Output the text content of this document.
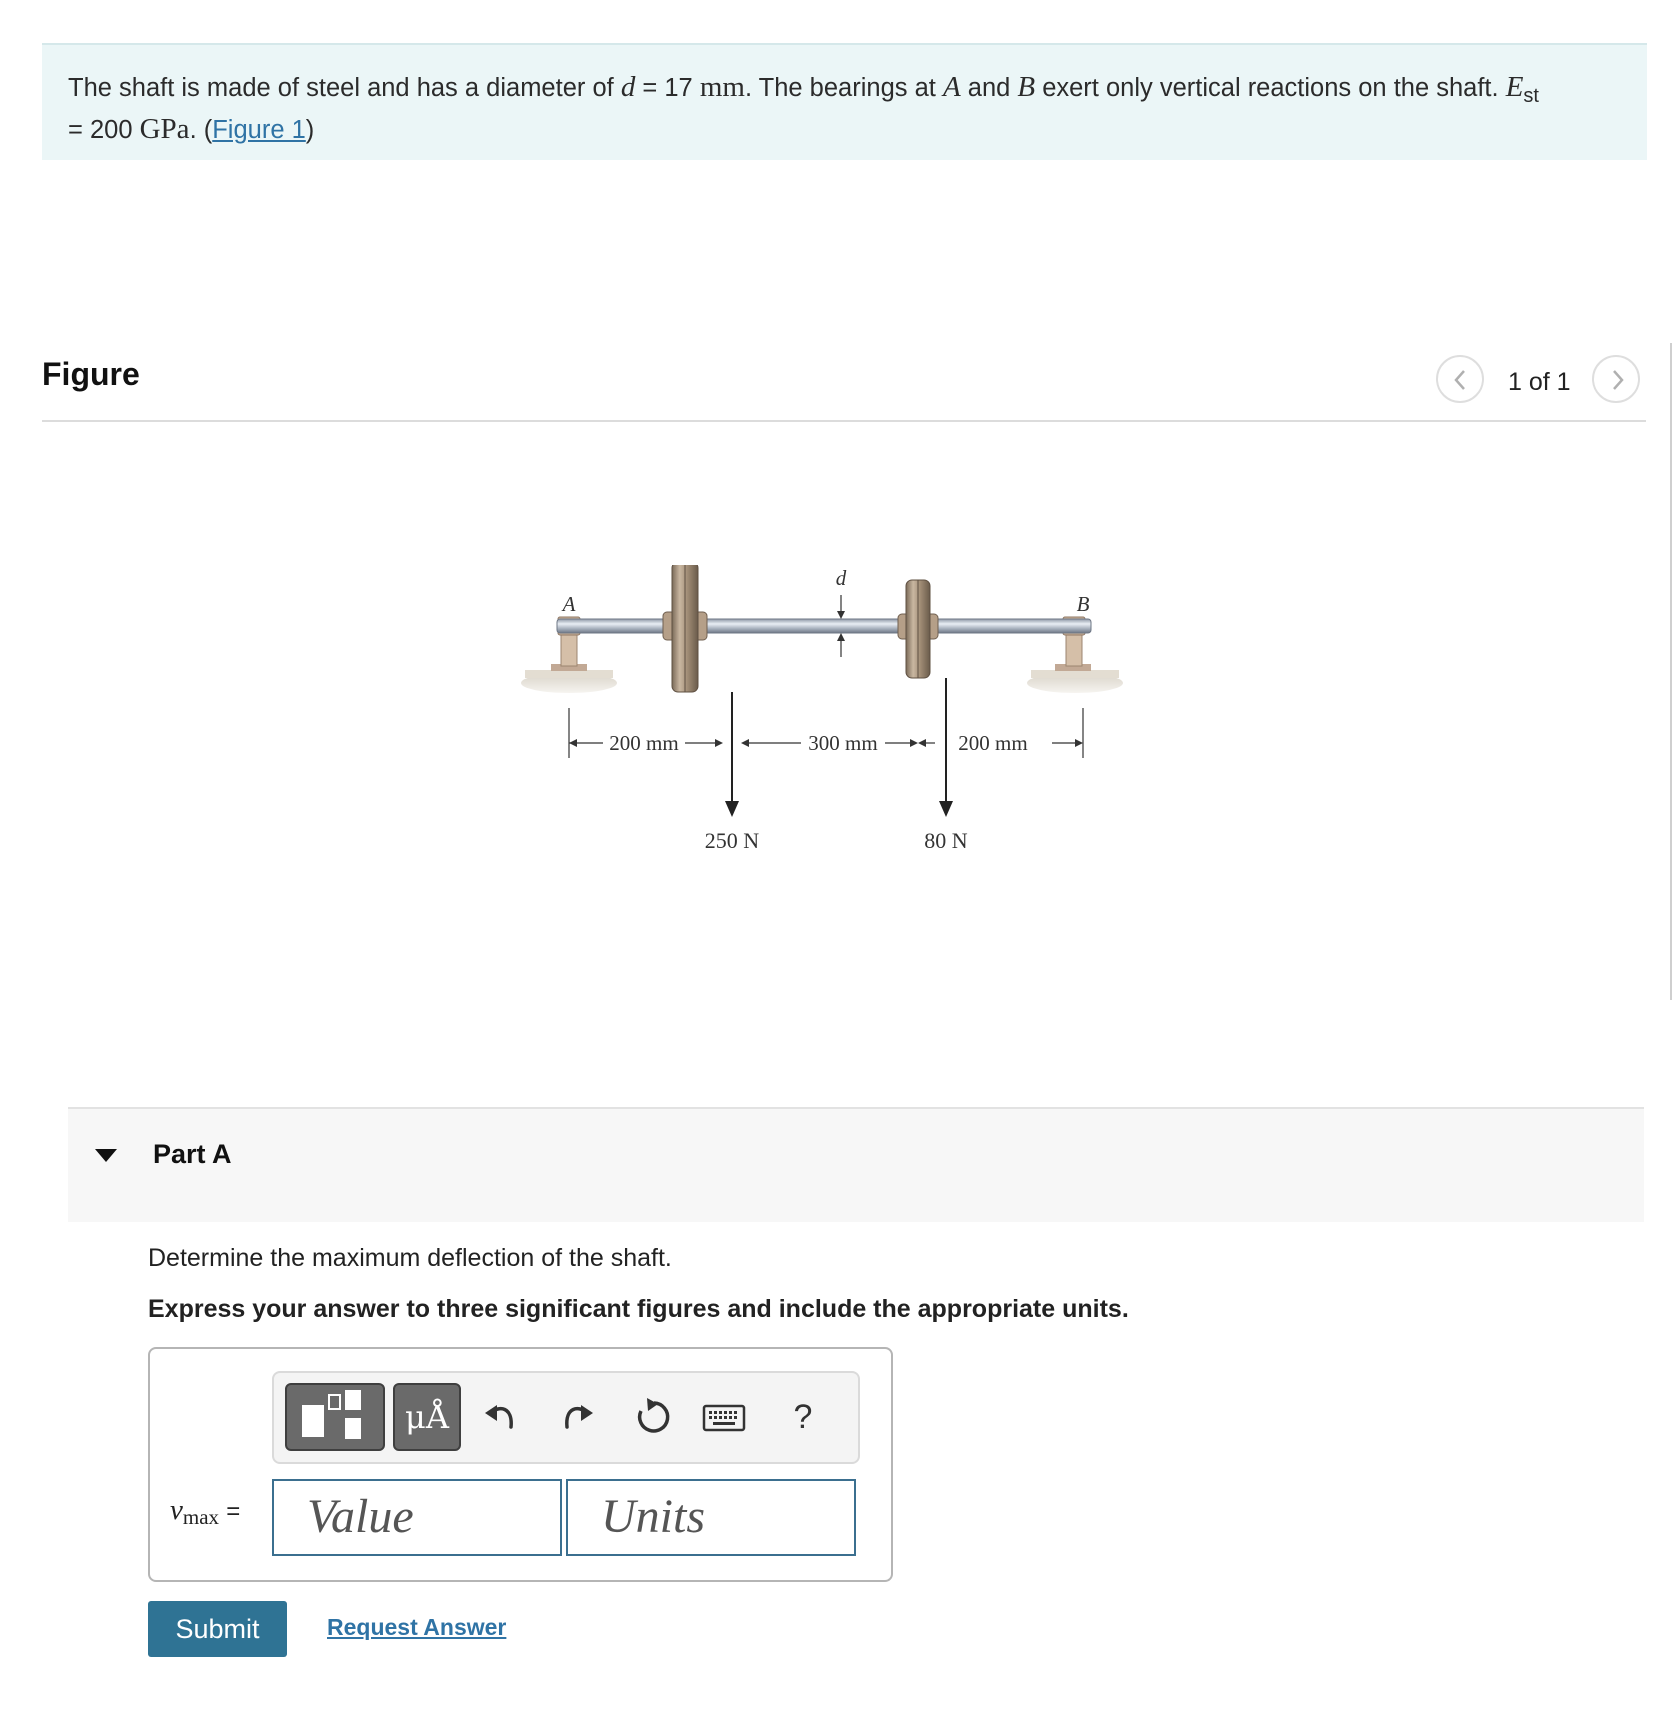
The shaft is made of steel and has a diameter of d = 17 mm. The bearings at A and B exert only vertical reactions on the shaft. $E_{st}$
= 200 GPa. (Figure 1)
Figure	1 of 1
d
A	B
200 mm	300 mm	200 mm
250 N	80 N
Part A
Determine the maximum deflection of the shaft.
Express your answer to three significant figures and include the appropriate units.
μÅ	?
$v_{max}$ =	Value	Units
Submit	Request Answer
